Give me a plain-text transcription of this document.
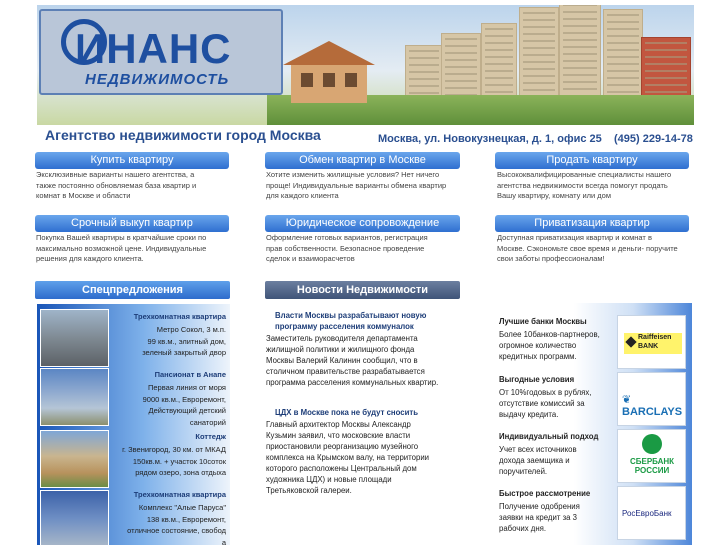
ИНАНС
НЕДВИЖИМОСТЬ
Агентство недвижимости город Москва	Москва, ул. Новокузнецкая, д. 1, офис 25 (495) 229-14-78
Купить квартиру
Эксклюзивные варианты нашего агентства, а
также постоянно обновляемая база квартир и
комнат в Москве и области
Обмен квартир в Москве
Хотите изменить жилищные условия? Нет ничего
проще! Индивидуальные варианты обмена квартир
для каждого клиента
Продать квартиру
Высококвалифицированные специалисты нашего
агентства недвижимости всегда помогут продать
Вашу квартиру, комнату или дом
Срочный выкуп квартир
Покупка Вашей квартиры в кратчайшие сроки по
максимально возможной цене. Индивидуальные
решения для каждого клиента.
Юридическое сопровождение
Оформление готовых вариантов, регистрация
прав собственности. Безопасное проведение
сделок и взаиморасчетов
Приватизация квартир
Доступная приватизация квартир и комнат в
Москве. Сэкономьте свое время и деньги- поручите
свои заботы профессионалам!
Спецпредложения	Новости Недвижимости
Трехкомнатная квартира
Метро Сокол, 3 м.п.
99 кв.м., элитный дом,
зеленый закрытый двор
Пансионат в Анапе
Первая линия от моря
9000 кв.м., Евроремонт,
Действующий детский
санаторий
Коттедж
г. Звенигород, 30 км. от МКАД
150кв.м. + участок 10соток
рядом озеро, зона отдыха
Трехкомнатная квартира
Комплекс "Алые Паруса"
138 кв.м., Евроремонт,
отличное состояние, свобод
а
Власти Москвы разрабатывают новую
программу расселения коммуналок
Заместитель руководителя департамента
жилищной политики и жилищного фонда
Москвы Валерий Калинин сообщил, что в
столичном правительстве разрабатывается
программа расселения коммунальных квартир.
ЦДХ в Москве пока не будут сносить
Главный архитектор Москвы Александр
Кузьмин заявил, что московские власти
приостановили реорганизацию музейного
комплекса на Крымском валу, на территории
которого расположены Центральный дом
художника ЦДХ) и новые площади
Третьяковской галереи.
Лучшие банки Москвы
Более 10банков-партнеров,
огромное количество
кредитных программ.
Выгодные условия
От 10%годовых в рублях,
отсутствие комиссий за
выдачу кредита.
Индивидуальный подход
Учет всех источников
дохода заемщика и
поручителей.
Быстрое рассмотрение
Получение одобрения
заявки на кредит за 3
рабочих дня.
Raiffeisen
BANK
❦ BARCLAYS
СБЕРБАНК
РОССИИ
РосЕвроБанк
